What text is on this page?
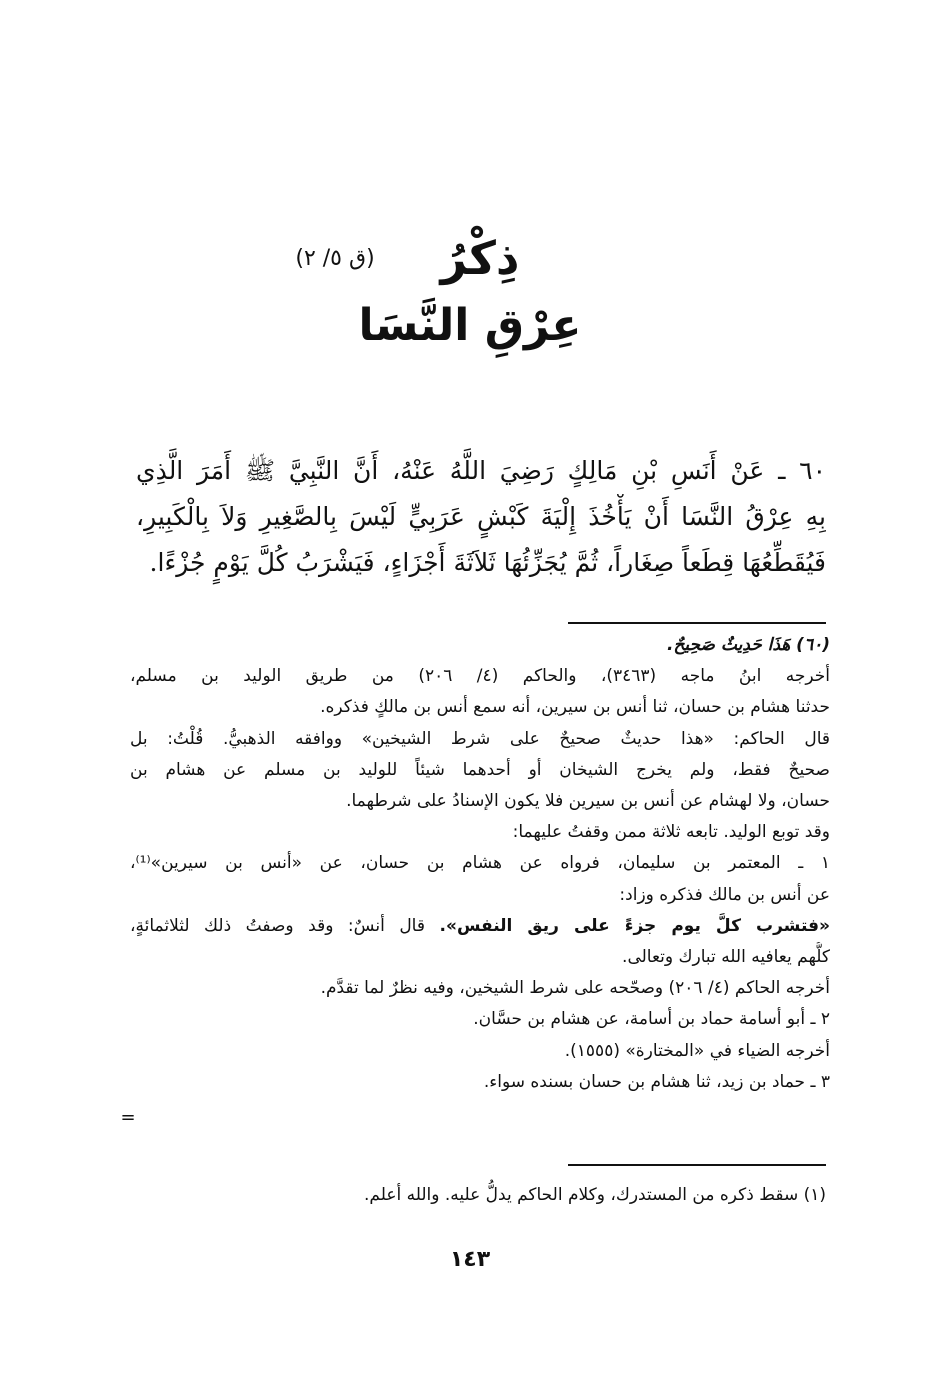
ذِكْرُ
(ق ٥/ ٢)
عِرْقِ النَّسَا
٦٠ ـ عَنْ أَنَسِ بْنِ مَالِكٍ رَضِيَ اللَّهُ عَنْهُ، أَنَّ النَّبِيَّ ﷺ أَمَرَ الَّذِي
بِهِ عِرْقُ النَّسَا أَنْ يَأْخُذَ إِلْيَةَ كَبْشٍ عَرَبِيٍّ لَيْسَ بِالصَّغِيرِ وَلاَ بِالْكَبِيرِ،
فَيُقَطِّعُهَا قِطَعاً صِغَاراً، ثُمَّ يُجَزِّئُهَا ثَلاَثَةَ أَجْزَاءٍ، فَيَشْرَبُ كُلَّ يَوْمٍ جُزْءًا.
(٦٠) هَذَا حَدِيثٌ صَحِيحٌ.
أخرجه ابنُ ماجه (٣٤٦٣)، والحاكم (٤/ ٢٠٦) من طريق الوليد بن مسلم،
حدثنا هشام بن حسان، ثنا أنس بن سيرين، أنه سمع أنس بن مالكٍ فذكره.
قال الحاكم: «هذا حديثٌ صحيحٌ على شرط الشيخين» ووافقه الذهبيُّ. قُلْتُ: بل
صحيحٌ فقط، ولم يخرج الشيخان أو أحدهما شيئاً للوليد بن مسلم عن هشام بن
حسان، ولا لهشام عن أنس بن سيرين فلا يكون الإسنادُ على شرطهما.
وقد توبع الوليد. تابعه ثلاثة ممن وقفتُ عليهما:
١ ـ المعتمر بن سليمان، فرواه عن هشام بن حسان، عن «أنس بن سيرين»⁽¹⁾،
عن أنس بن مالك فذكره وزاد:
«فتشرب كلَّ يوم جزءً على ريق النفس». قال أنسٌ: وقد وصفتُ ذلك لثلاثمائةٍ،
كلُّهم يعافيه الله تبارك وتعالى.
أخرجه الحاكم (٤/ ٢٠٦) وصحّحه على شرط الشيخين، وفيه نظرٌ لما تقدَّم.
٢ ـ أبو أسامة حماد بن أسامة، عن هشام بن حسَّان.
أخرجه الضياء في «المختارة» (١٥٥٥).
٣ ـ حماد بن زيد، ثنا هشام بن حسان بسنده سواء.
=
(١) سقط ذكره من المستدرك، وكلام الحاكم يدلُّ عليه. والله أعلم.
١٤٣
